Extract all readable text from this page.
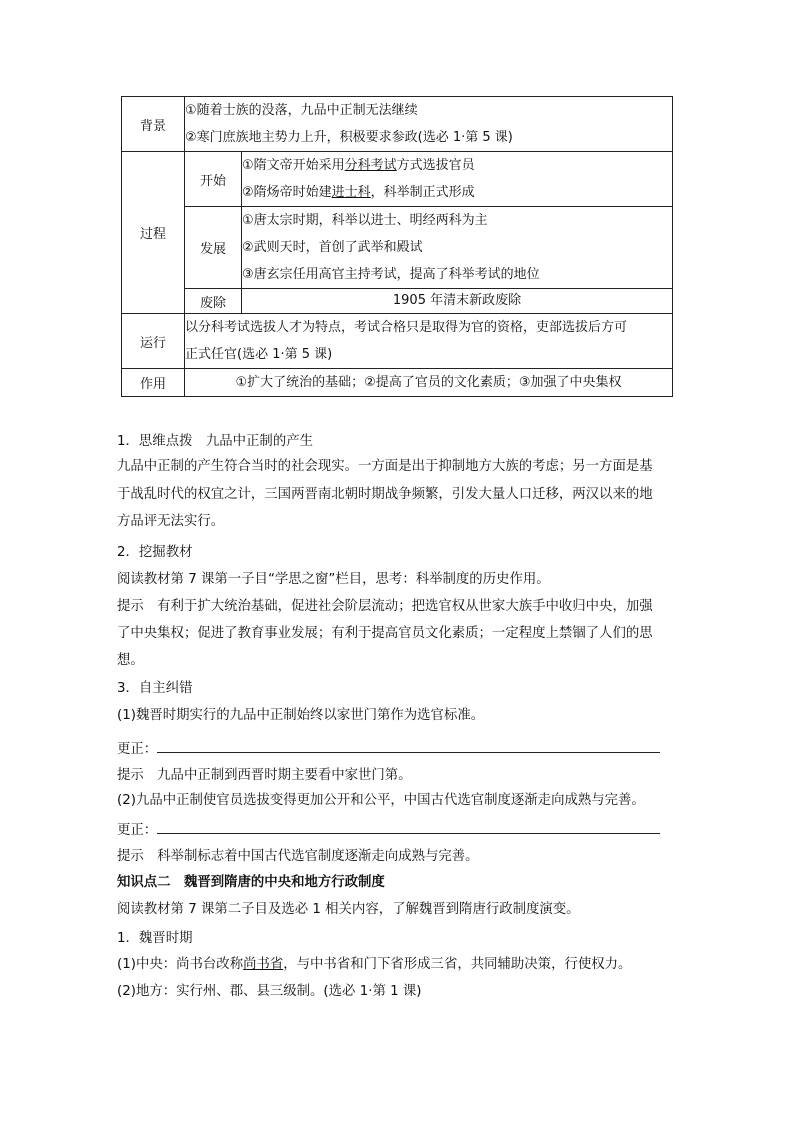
背景	①随着士族的没落，九品中正制无法继续
②寒门庶族地主势力上升，积极要求参政(选必 1·第 5 课)	

过程	开始	①隋文帝开始采用分科考试方式选拔官员
②隋炀帝时始建进士科，科举制正式形成

	发展	①唐太宗时期，科举以进士、明经两科为主
②武则天时，首创了武举和殿试
③唐玄宗任用高官主持考试，提高了科举考试的地位

	废除	1905 年清末新政废除

运行	以分科考试选拔人才为特点，考试合格只是取得为官的资格，吏部选拔后方可
正式任官(选必 1·第 5 课)	

作用	①扩大了统治的基础；②提高了官员的文化素质；③加强了中央集权	
1．思维点拨　九品中正制的产生
九品中正制的产生符合当时的社会现实。一方面是出于抑制地方大族的考虑；另一方面是基
于战乱时代的权宜之计，三国两晋南北朝时期战争频繁，引发大量人口迁移，两汉以来的地
方品评无法实行。
2．挖掘教材
阅读教材第 7 课第一子目“学思之窗”栏目，思考：科举制度的历史作用。
提示　有利于扩大统治基础，促进社会阶层流动；把选官权从世家大族手中收归中央，加强
了中央集权；促进了教育事业发展；有利于提高官员文化素质；一定程度上禁锢了人们的思
想。
3．自主纠错
(1)魏晋时期实行的九品中正制始终以家世门第作为选官标准。
更正：
提示　九品中正制到西晋时期主要看中家世门第。
(2)九品中正制使官员选拔变得更加公开和公平，中国古代选官制度逐渐走向成熟与完善。
更正：
提示　科举制标志着中国古代选官制度逐渐走向成熟与完善。
知识点二　魏晋到隋唐的中央和地方行政制度
阅读教材第 7 课第二子目及选必 1 相关内容，了解魏晋到隋唐行政制度演变。
1．魏晋时期
(1)中央：尚书台改称尚书省，与中书省和门下省形成三省，共同辅助决策，行使权力。
(2)地方：实行州、郡、县三级制。(选必 1·第 1 课)
